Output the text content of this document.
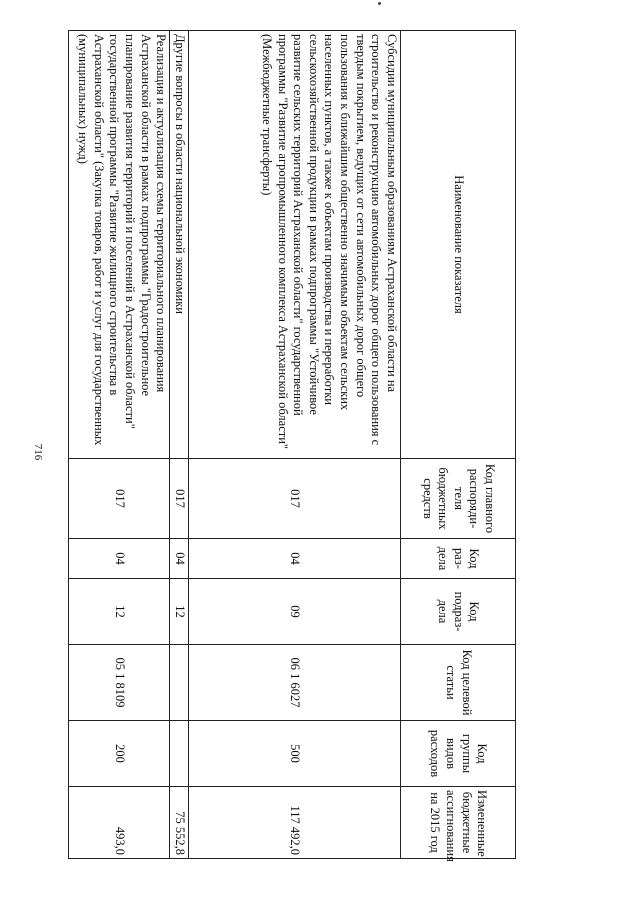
716
Наименование показателя	Код главного распоряди-теля бюджетных средств	Код раз-дела	Код подраз-дела	Код целевой статьи	Код группы видов расходов	Измененные бюджетные ассигнования на 2015 год
Субсидии муниципальным образованиям Астраханской области на строительство и реконструкцию автомобильных дорог общего пользования с твердым покрытием, ведущих от сети автомобильных дорог общего пользования к ближайшим общественно значимым объектам сельских населенных пунктов, а также к объектам производства и переработки сельскохозяйственной продукции в рамках подпрограммы "Устойчивое развитие сельских территорий Астраханской области" государственной программы "Развитие агропромышленного комплекса Астраханской области" (Межбюджетные трансферты)	017	04	09	06 1 6027	500	117 492,0
Другие вопросы в области национальной экономики	017	04	12			75 552,8
Реализация и актуализация схемы территориального планирования Астраханской области в рамках подпрограммы "Градостроительное планирование развития территорий и поселений в Астраханской области" государственной программы "Развитие жилищного строительства в Астраханской области" (Закупка товаров, работ и услуг для государственных (муниципальных) нужд)	017	04	12	05 1 8109	200	493,0
